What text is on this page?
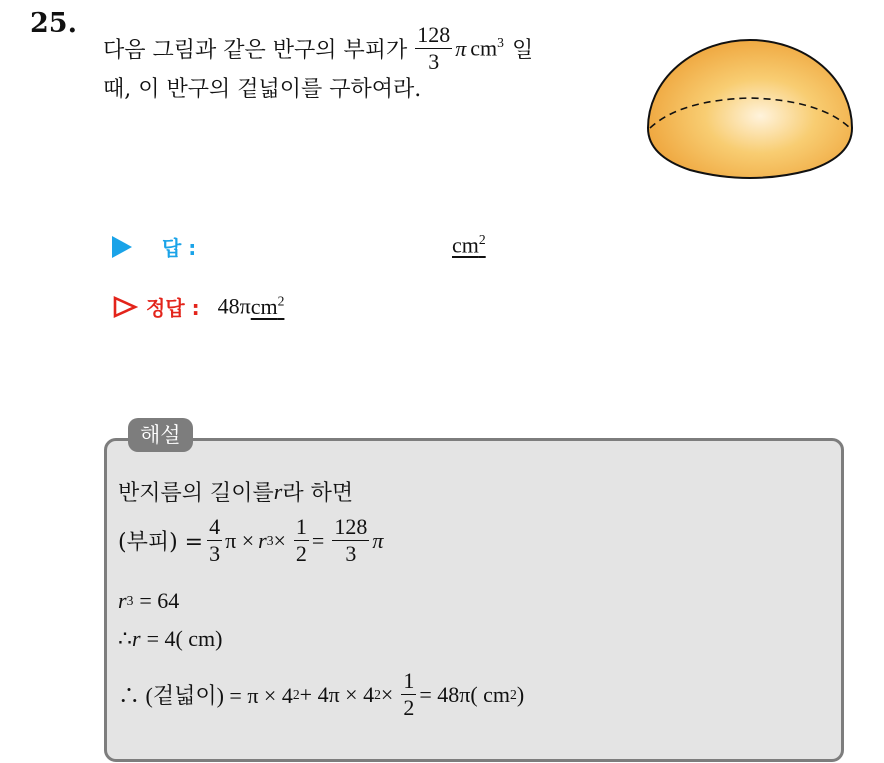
25.
다음 그림과 같은 반구의 부피가 $\frac{128}{3}$ π $cm^3$ 일
때, 이 반구의 겉넓이를 구하여라.
답 :	$cm^2$
정답 : 48πcm$^2$
해설
반지름의 길이를 r 라 하면
(부피) = $\frac{4}{3}$ π × r $3 \times \frac{1}{2} = \frac{128}{3}$ π
r 3 = 64
∴ r = 4( cm)
∴ (겉넓이) = π × 4 2 + 4π × 4 $2 \times \frac{1}{2} = 48\pi$( cm 2 )
